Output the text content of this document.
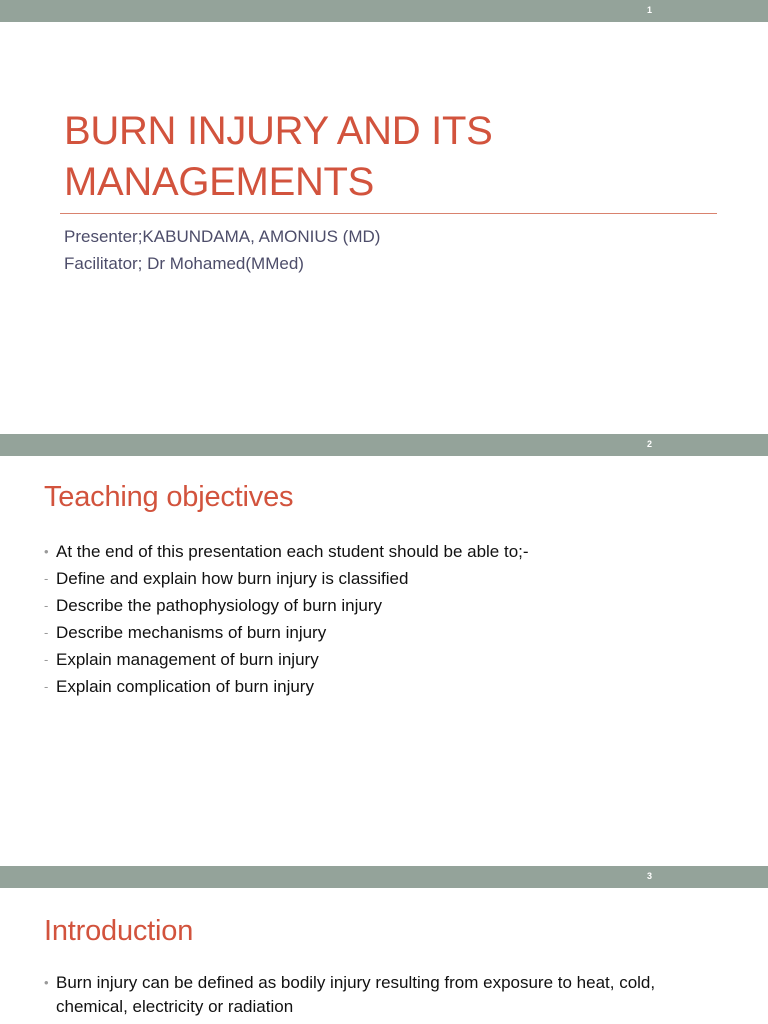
1
BURN INJURY AND ITS MANAGEMENTS
Presenter;KABUNDAMA, AMONIUS (MD)
Facilitator; Dr Mohamed(MMed)
2
Teaching objectives
• At the end of this presentation each student should be able to;-
- Define and explain how burn injury is classified
- Describe the pathophysiology of burn injury
- Describe mechanisms of burn injury
- Explain management of burn injury
- Explain complication of burn injury
3
Introduction
• Burn injury can be defined as bodily injury resulting from exposure to heat, cold, chemical, electricity or radiation
